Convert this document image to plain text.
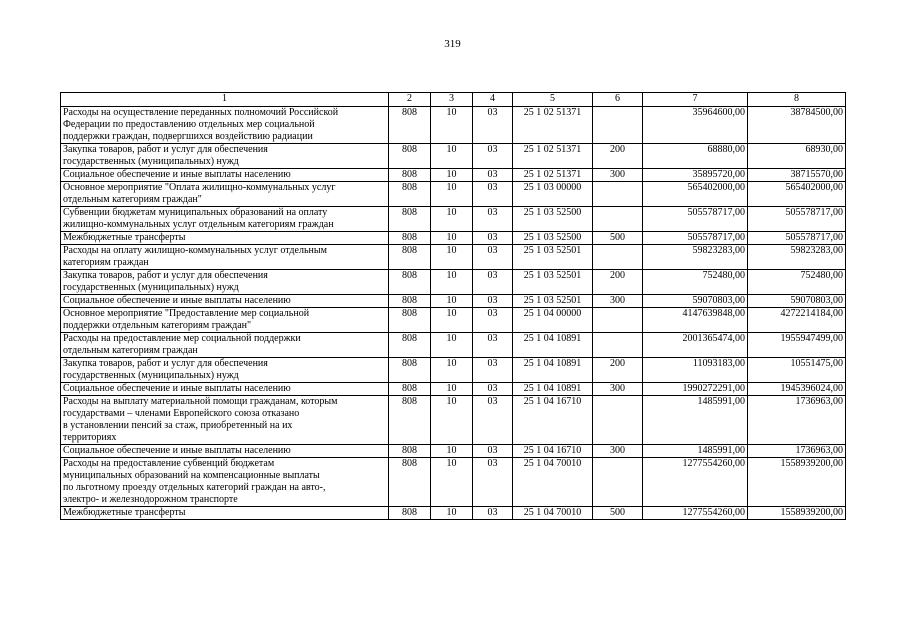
319
1	2	3	4	5	6	7	8
Расходы на осуществление переданных полномочий Российской
Федерации по предоставлению отдельных мер социальной
поддержки граждан, подвергшихся воздействию радиации	808	10	03	25 1 02 51371		35964600,00	38784500,00
Закупка товаров, работ и услуг для обеспечения
государственных (муниципальных) нужд	808	10	03	25 1 02 51371	200	68880,00	68930,00
Социальное обеспечение и иные выплаты населению	808	10	03	25 1 02 51371	300	35895720,00	38715570,00
Основное мероприятие "Оплата жилищно-коммунальных услуг
отдельным категориям граждан"	808	10	03	25 1 03 00000		565402000,00	565402000,00
Субвенции бюджетам муниципальных образований на оплату
жилищно-коммунальных услуг отдельным категориям граждан	808	10	03	25 1 03 52500		505578717,00	505578717,00
Межбюджетные трансферты	808	10	03	25 1 03 52500	500	505578717,00	505578717,00
Расходы на оплату жилищно-коммунальных услуг отдельным
категориям граждан	808	10	03	25 1 03 52501		59823283,00	59823283,00
Закупка товаров, работ и услуг для обеспечения
государственных (муниципальных) нужд	808	10	03	25 1 03 52501	200	752480,00	752480,00
Социальное обеспечение и иные выплаты населению	808	10	03	25 1 03 52501	300	59070803,00	59070803,00
Основное мероприятие "Предоставление мер социальной
поддержки отдельным категориям граждан"	808	10	03	25 1 04 00000		4147639848,00	4272214184,00
Расходы на предоставление мер социальной поддержки
отдельным категориям граждан	808	10	03	25 1 04 10891		2001365474,00	1955947499,00
Закупка товаров, работ и услуг для обеспечения
государственных (муниципальных) нужд	808	10	03	25 1 04 10891	200	11093183,00	10551475,00
Социальное обеспечение и иные выплаты населению	808	10	03	25 1 04 10891	300	1990272291,00	1945396024,00
Расходы на выплату материальной помощи гражданам, которым
государствами – членами Европейского союза отказано
в установлении пенсий за стаж, приобретенный на их
территориях	808	10	03	25 1 04 16710		1485991,00	1736963,00
Социальное обеспечение и иные выплаты населению	808	10	03	25 1 04 16710	300	1485991,00	1736963,00
Расходы на предоставление субвенций бюджетам
муниципальных образований на компенсационные выплаты
по льготному проезду отдельных категорий граждан на авто-,
электро- и железнодорожном транспорте	808	10	03	25 1 04 70010		1277554260,00	1558939200,00
Межбюджетные трансферты	808	10	03	25 1 04 70010	500	1277554260,00	1558939200,00
